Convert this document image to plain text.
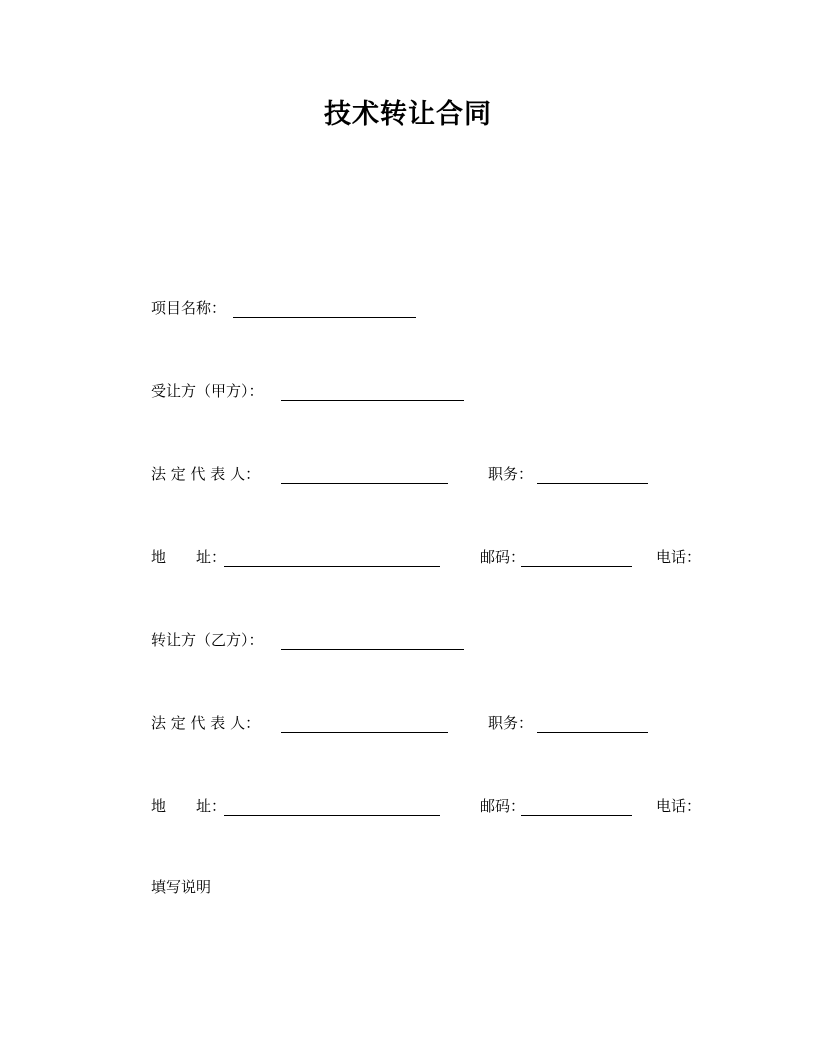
技术转让合同
项目名称：
受让方（甲方）：
法 定 代 表 人：	职务：
地　　址：	邮码：	电话：
转让方（乙方）：
法 定 代 表 人：	职务：
地　　址：	邮码：	电话：
填写说明
